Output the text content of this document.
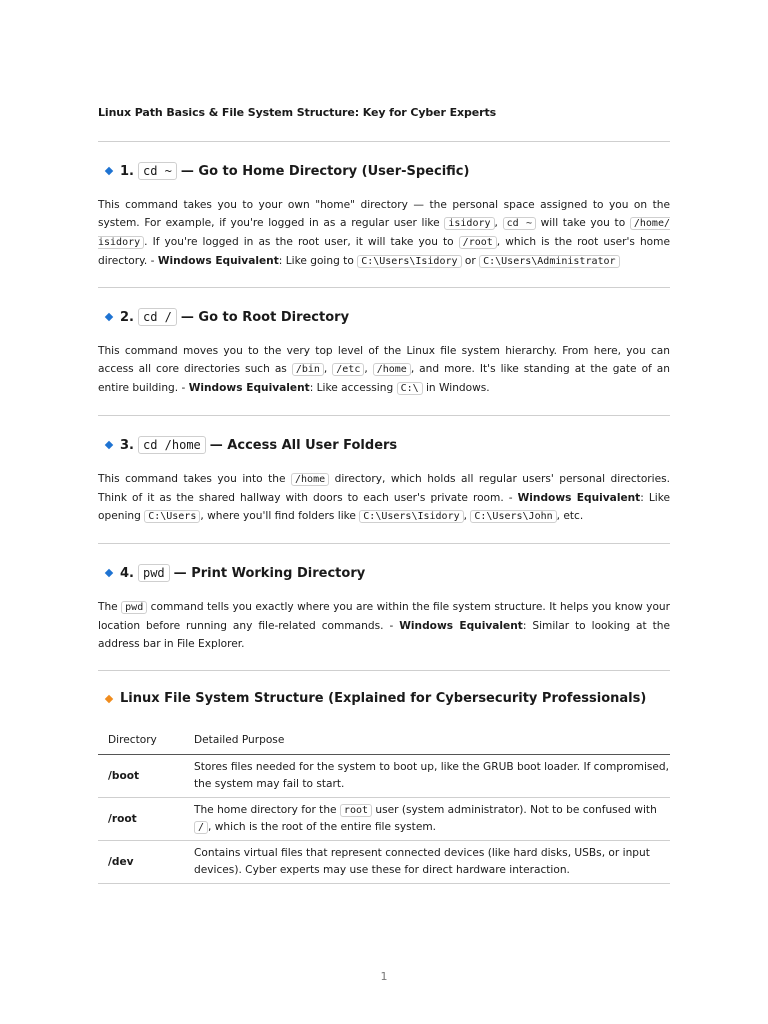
Linux Path Basics & File System Structure: Key for Cyber Experts
1. cd ~ — Go to Home Directory (User-Specific)
This command takes you to your own "home" directory — the personal space assigned to you on the system. For example, if you're logged in as a regular user like isidory , cd ~ will take you to /home/ isidory . If you're logged in as the root user, it will take you to /root , which is the root user's home directory. - Windows Equivalent: Like going to C:\Users\Isidory or C:\Users\Administrator
2. cd / — Go to Root Directory
This command moves you to the very top level of the Linux file system hierarchy. From here, you can access all core directories such as /bin , /etc , /home , and more. It's like standing at the gate of an entire building. - Windows Equivalent: Like accessing C:\ in Windows.
3. cd /home — Access All User Folders
This command takes you into the /home directory, which holds all regular users' personal directories. Think of it as the shared hallway with doors to each user's private room. - Windows Equivalent: Like opening C:\Users , where you'll find folders like C:\Users\Isidory , C:\Users\John , etc.
4. pwd — Print Working Directory
The pwd command tells you exactly where you are within the file system structure. It helps you know your location before running any file-related commands. - Windows Equivalent: Similar to looking at the address bar in File Explorer.
Linux File System Structure (Explained for Cybersecurity Professionals)
Directory	Detailed Purpose
/boot	Stores files needed for the system to boot up, like the GRUB boot loader. If compromised, the system may fail to start.
/root	The home directory for the root user (system administrator). Not to be confused with / , which is the root of the entire file system.
/dev	Contains virtual files that represent connected devices (like hard disks, USBs, or input devices). Cyber experts may use these for direct hardware interaction.
1
